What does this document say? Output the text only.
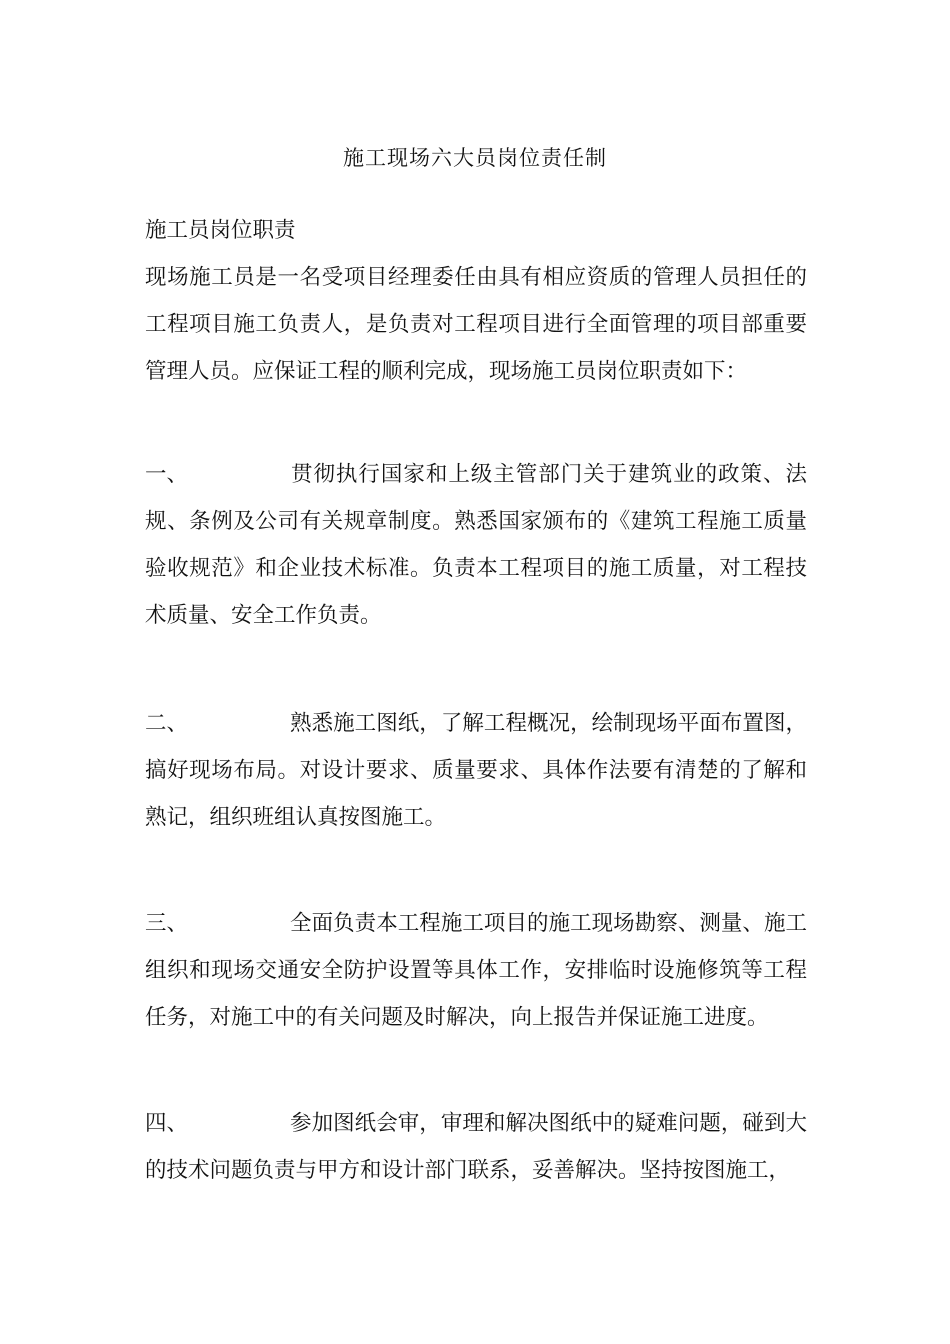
施工现场六大员岗位责任制

施工员岗位职责

现场施工员是一名受项目经理委任由具有相应资质的管理人员担任的工程项目施工负责人，是负责对工程项目进行全面管理的项目部重要管理人员。应保证工程的顺利完成，现场施工员岗位职责如下：

一、	贯彻执行国家和上级主管部门关于建筑业的政策、法规、条例及公司有关规章制度。熟悉国家颁布的《建筑工程施工质量验收规范》和企业技术标准。负责本工程项目的施工质量，对工程技术质量、安全工作负责。

二、	熟悉施工图纸，了解工程概况，绘制现场平面布置图，搞好现场布局。对设计要求、质量要求、具体作法要有清楚的了解和熟记，组织班组认真按图施工。

三、	全面负责本工程施工项目的施工现场勘察、测量、施工组织和现场交通安全防护设置等具体工作，安排临时设施修筑等工程任务，对施工中的有关问题及时解决，向上报告并保证施工进度。

四、	参加图纸会审，审理和解决图纸中的疑难问题，碰到大的技术问题负责与甲方和设计部门联系，妥善解决。坚持按图施工，
